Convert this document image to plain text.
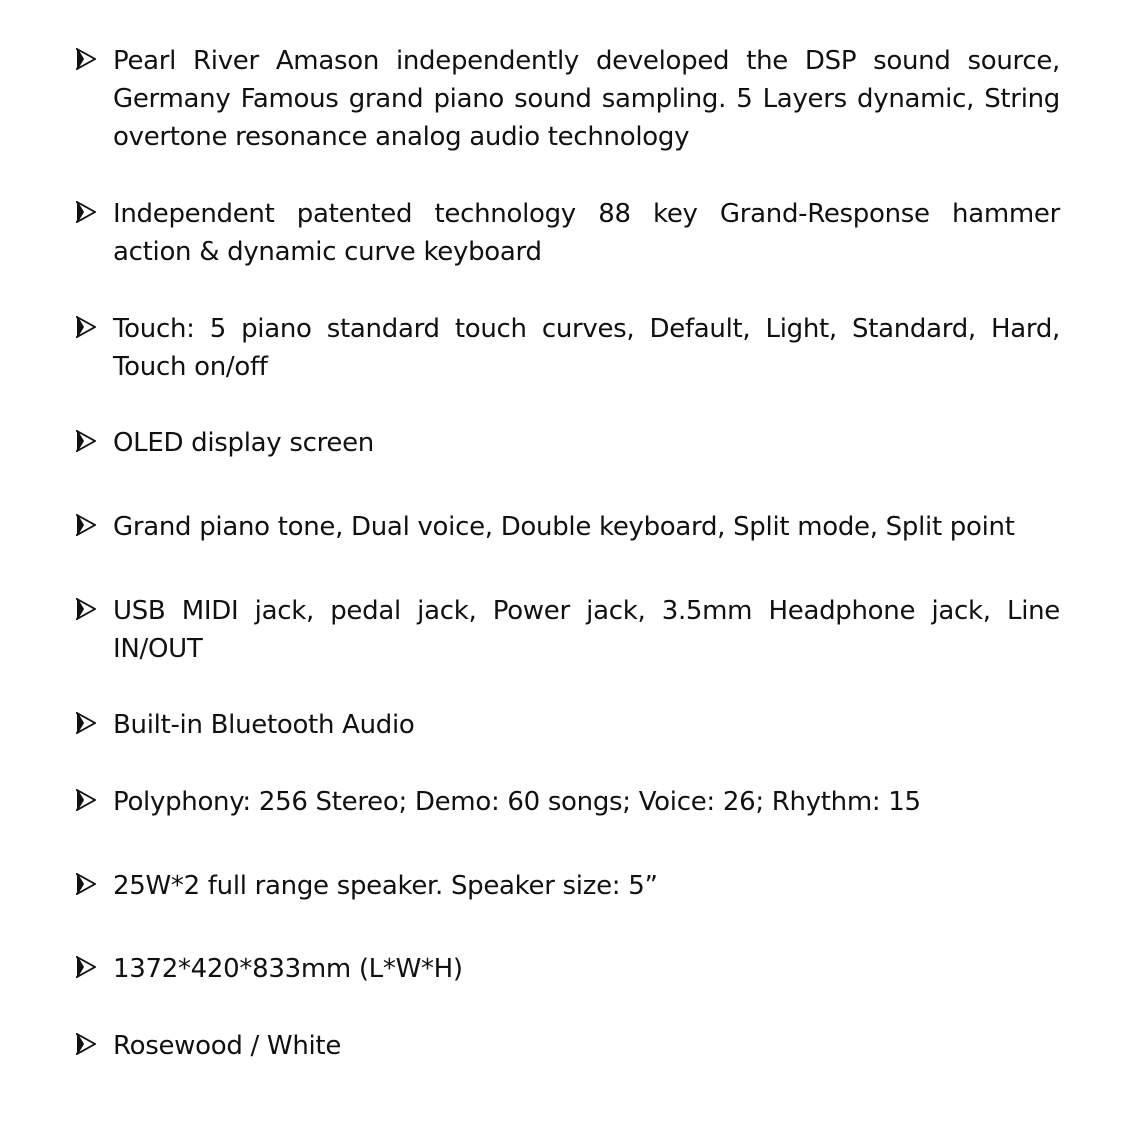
Pearl River Amason independently developed the DSP sound source, Germany Famous grand piano sound sampling. 5 Layers dynamic, String overtone resonance analog audio technology
Independent patented technology 88 key Grand-Response hammer action & dynamic curve keyboard
Touch: 5 piano standard touch curves, Default, Light, Standard, Hard, Touch on/off
OLED display screen
Grand piano tone, Dual voice, Double keyboard, Split mode, Split point
USB MIDI jack, pedal jack, Power jack, 3.5mm Headphone jack, Line IN/OUT
Built-in Bluetooth Audio
Polyphony: 256 Stereo; Demo: 60 songs; Voice: 26; Rhythm: 15
25W*2 full range speaker. Speaker size: 5”
1372*420*833mm (L*W*H)
Rosewood / White
